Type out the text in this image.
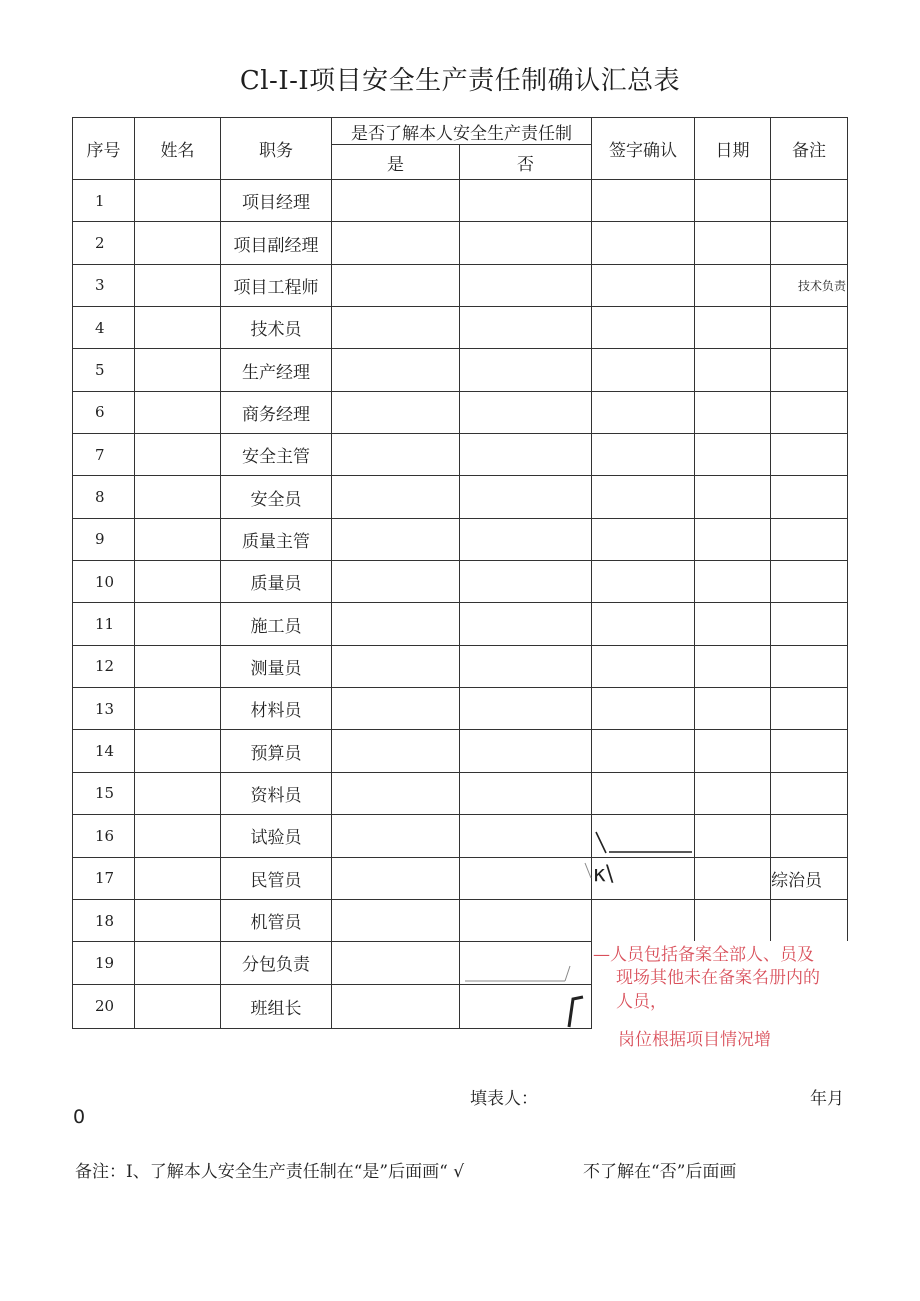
Cl-I-I项目安全生产责任制确认汇总表
序号	姓名	职务	是否了解本人安全生产责任制		签字确认	日期	备注
			是	否			
1		项目经理					
2		项目副经理					
3		项目工程师					技术负责
4		技术员					
5		生产经理					
6		商务经理					
7		安全主管					
8		安全员					
9		质量主管					
10		质量员					
11		施工员					
12		测量员					
13		材料员					
14		预算员					
15		资料员					
16		试验员					
17		民管员					综治员
18		机管员					
19		分包负责					
20		班组长					
κ\
—人员包括备案全部人、员及
现场其他未在备案名册内的
人员，
岗位根据项目情况增
填表人：	年月
0
备注：I、了解本人安全生产责任制在“是”后面画“ √	不了解在“否”后面画
